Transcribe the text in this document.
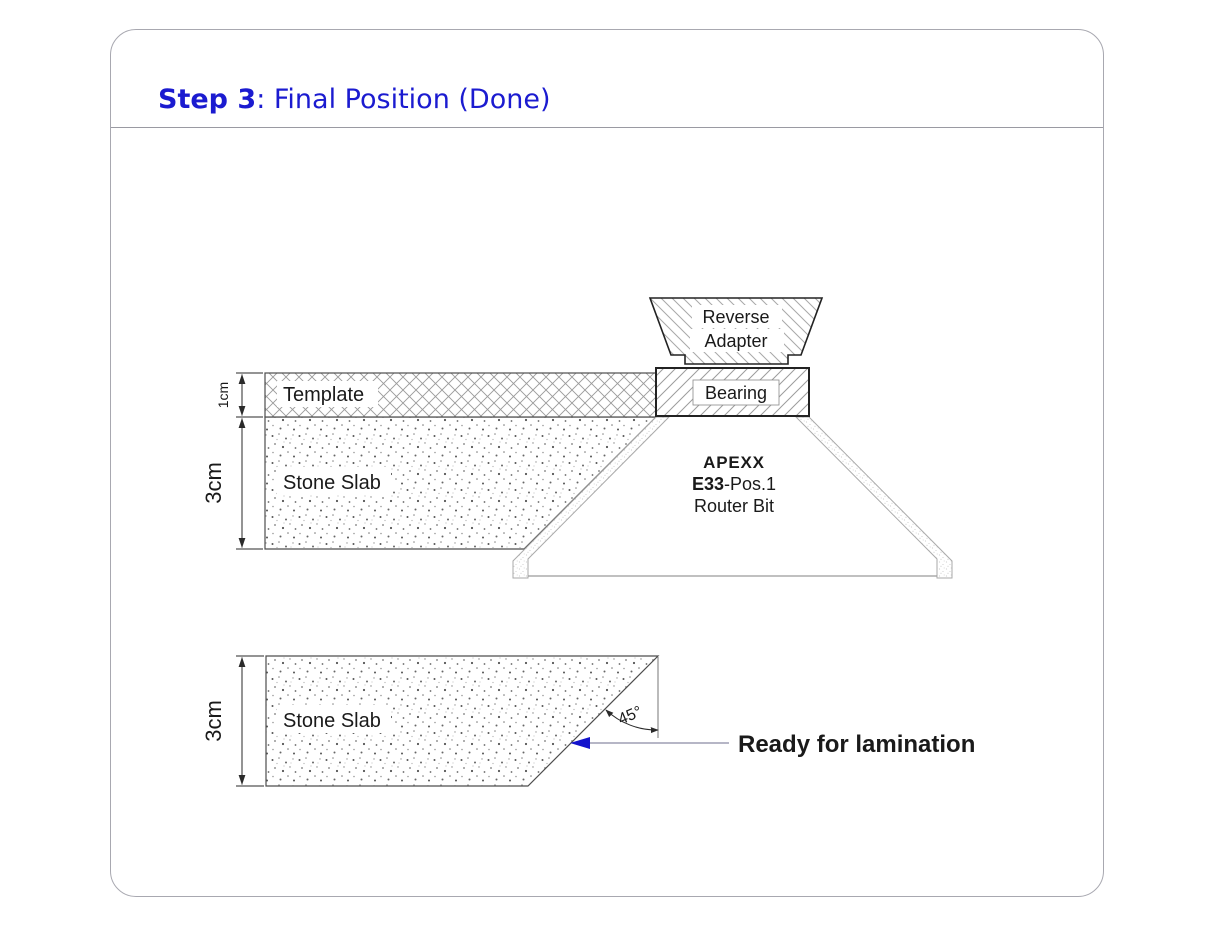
Step 3: Final Position (Done)
Bearing
Reverse
Adapter
APEXX
E33-Pos.1
Router Bit
Template
Stone Slab
1cm
3cm
Stone Slab
3cm	45°
Ready for lamination
